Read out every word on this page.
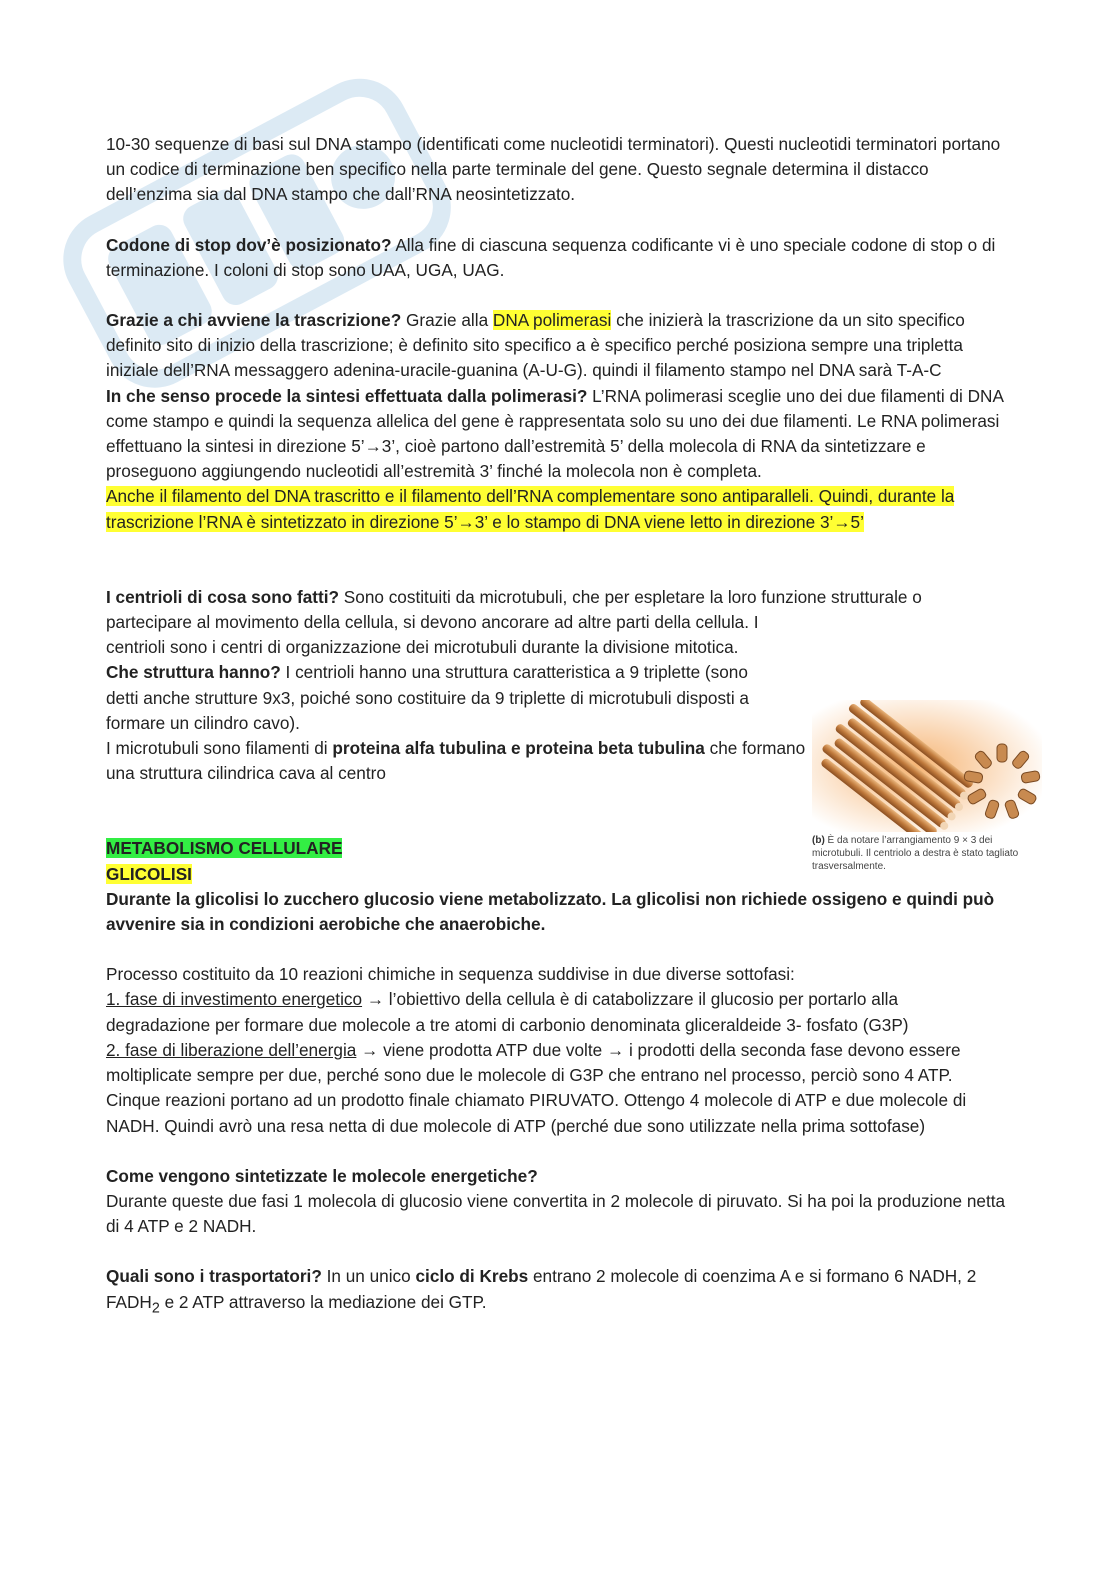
10-30 sequenze di basi sul DNA stampo (identificati come nucleotidi terminatori). Questi nucleotidi terminatori portano un codice di terminazione ben specifico nella parte terminale del gene. Questo segnale determina il distacco dell’enzima sia dal DNA stampo che dall’RNA neosintetizzato.

Codone di stop dov’è posizionato? Alla fine di ciascuna sequenza codificante vi è uno speciale codone di stop o di terminazione. I coloni di stop sono UAA, UGA, UAG.

Grazie a chi avviene la trascrizione? Grazie alla DNA polimerasi che inizierà la trascrizione da un sito specifico definito sito di inizio della trascrizione; è definito sito specifico a è specifico perché posiziona sempre una tripletta iniziale dell’RNA messaggero adenina-uracile-guanina (A-U-G). quindi il filamento stampo nel DNA sarà T-A-C

In che senso procede la sintesi effettuata dalla polimerasi? L’RNA polimerasi sceglie uno dei due filamenti di DNA come stampo e quindi la sequenza allelica del gene è rappresentata solo su uno dei due filamenti. Le RNA polimerasi effettuano la sintesi in direzione 5’→3’, cioè partono dall’estremità 5’ della molecola di RNA da sintetizzare e proseguono aggiungendo nucleotidi all’estremità 3’ finché la molecola non è completa.

Anche il filamento del DNA trascritto e il filamento dell’RNA complementare sono antiparalleli. Quindi, durante la trascrizione l’RNA è sintetizzato in direzione 5’→3’ e lo stampo di DNA viene letto in direzione 3’→5’

I centrioli di cosa sono fatti? Sono costituiti da microtubuli, che per espletare la loro funzione strutturale o

partecipare al movimento della cellula, si devono ancorare ad altre parti della cellula. I centrioli sono i centri di organizzazione dei microtubuli durante la divisione mitotica.

Che struttura hanno? I centrioli hanno una struttura caratteristica a 9 triplette (sono detti anche strutture 9x3, poiché sono costituire da 9 triplette di microtubuli disposti a formare un cilindro cavo).

I microtubuli sono filamenti di proteina alfa tubulina e proteina beta tubulina che formano una struttura cilindrica cava al centro

METABOLISMO CELLULARE

GLICOLISI

Durante la glicolisi lo zucchero glucosio viene metabolizzato. La glicolisi non richiede ossigeno e quindi può avvenire sia in condizioni aerobiche che anaerobiche.

Processo costituito da 10 reazioni chimiche in sequenza suddivise in due diverse sottofasi:

1. fase di investimento energetico → l’obiettivo della cellula è di catabolizzare il glucosio per portarlo alla degradazione per formare due molecole a tre atomi di carbonio denominata gliceraldeide 3- fosfato (G3P)

2. fase di liberazione dell’energia → viene prodotta ATP due volte → i prodotti della seconda fase devono essere moltiplicate sempre per due, perché sono due le molecole di G3P che entrano nel processo, perciò sono 4 ATP. Cinque reazioni portano ad un prodotto finale chiamato PIRUVATO. Ottengo 4 molecole di ATP e due molecole di NADH. Quindi avrò una resa netta di due molecole di ATP (perché due sono utilizzate nella prima sottofase)

Come vengono sintetizzate le molecole energetiche?

Durante queste due fasi 1 molecola di glucosio viene convertita in 2 molecole di piruvato. Si ha poi la produzione netta di 4 ATP e 2 NADH.

Quali sono i trasportatori? In un unico ciclo di Krebs entrano 2 molecole di coenzima A e si formano 6 NADH, 2 $FADH_2$ e 2 ATP attraverso la mediazione dei GTP.

(b) È da notare l’arrangiamento 9 × 3 dei microtubuli. Il centriolo a destra è stato tagliato trasversalmente.
